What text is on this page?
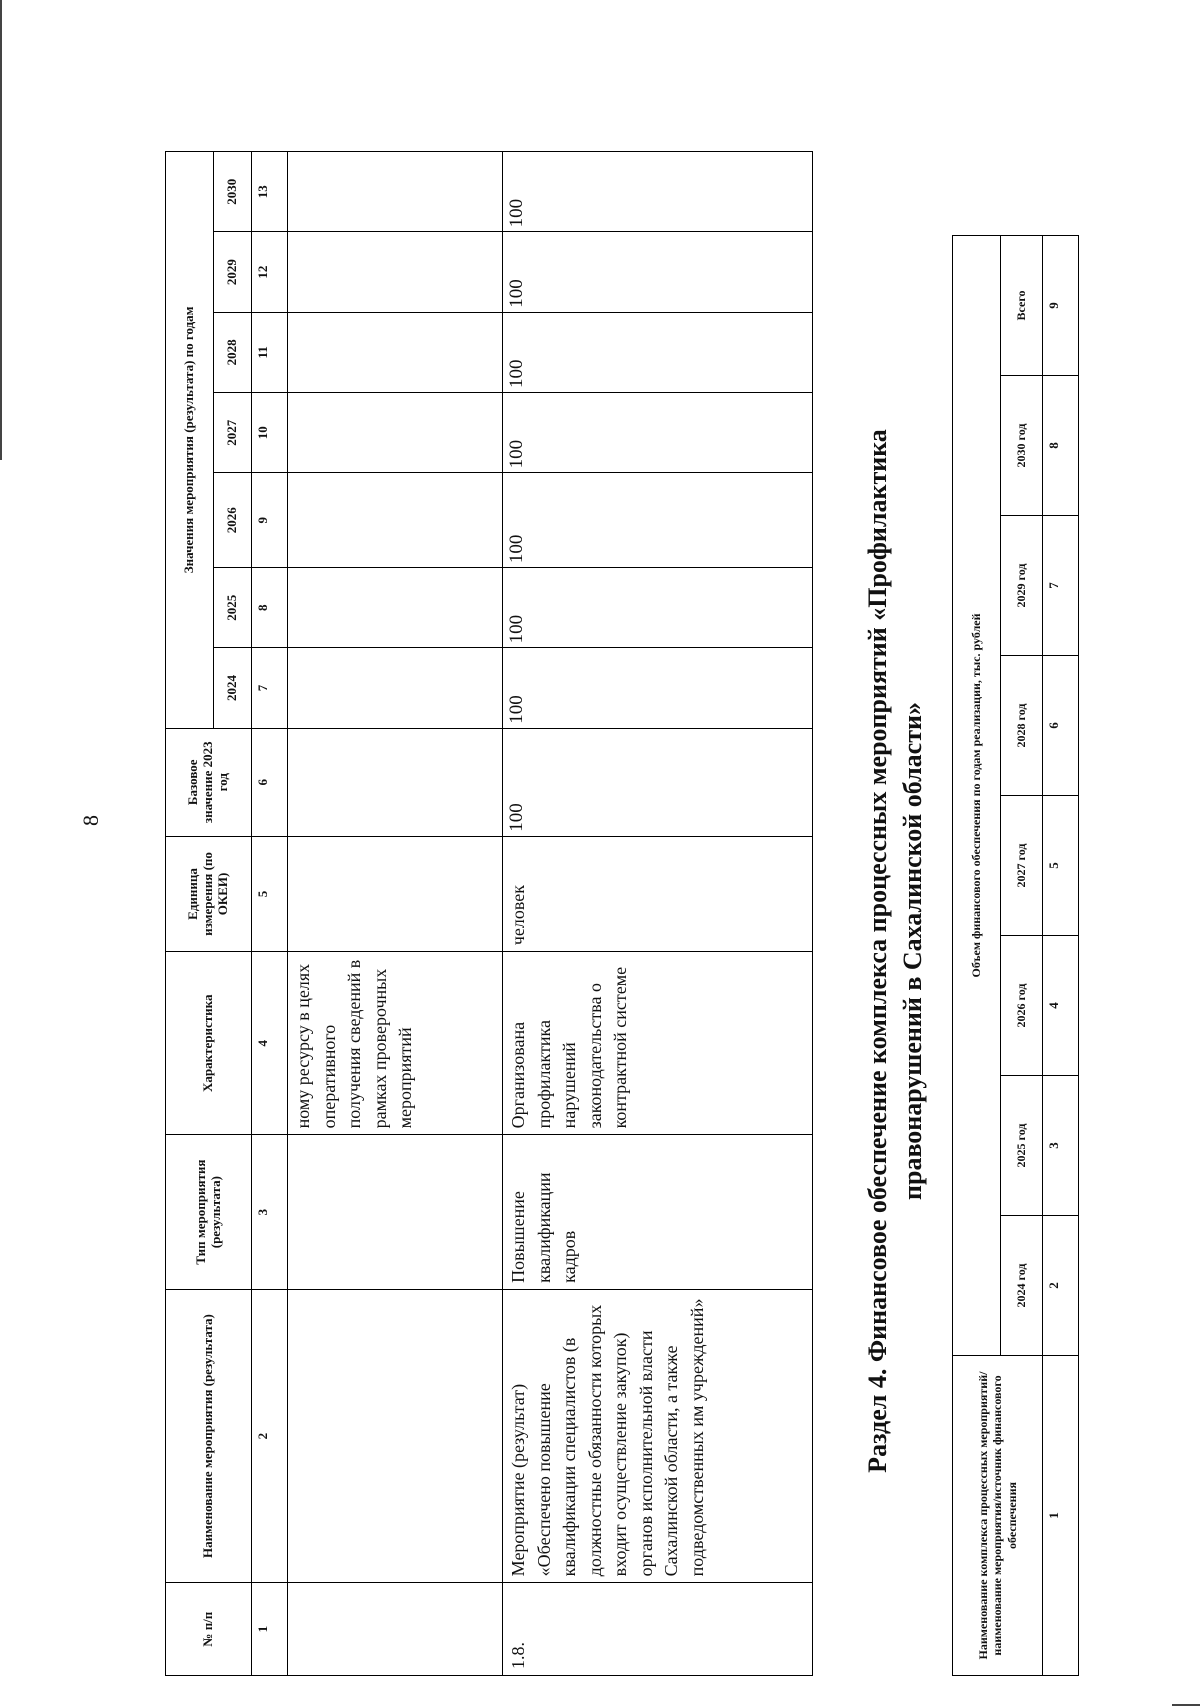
8
№ п/п	Наименование мероприятия (результата)	Тип мероприятия (результата)	Характеристика	Единица измерения (по ОКЕИ)	Базовое значение 2023 год	Значения мероприятия (результата) по годам						
						2024	2025	2026	2027	2028	2029	2030
1	2	3	4	5	6	7	8	9	10	11	12	13
			ному ресурсу в целях оперативного получения сведений в рамках проверочных мероприятий									
1.8.	Мероприятие (результат) «Обеспечено повышение квалификации специалистов (в должностные обязанности которых входит осуществление закупок) органов исполнительной власти Сахалинской области, а также подведомственных им учреждений»	Повышение квалификации кадров	Организована профилактика нарушений законодательства о контрактной системе	человек	100	100	100	100	100	100	100	100
Раздел 4. Финансовое обеспечение комплекса процессных мероприятий «Профилактика правонарушений в Сахалинской области»
Наименование комплекса процессных мероприятий/наименование мероприятия/источник финансового обеспечения	Объем финансового обеспечения по годам реализации, тыс. рублей							
	2024 год	2025 год	2026 год	2027 год	2028 год	2029 год	2030 год	Всего
1	2	3	4	5	6	7	8	9
